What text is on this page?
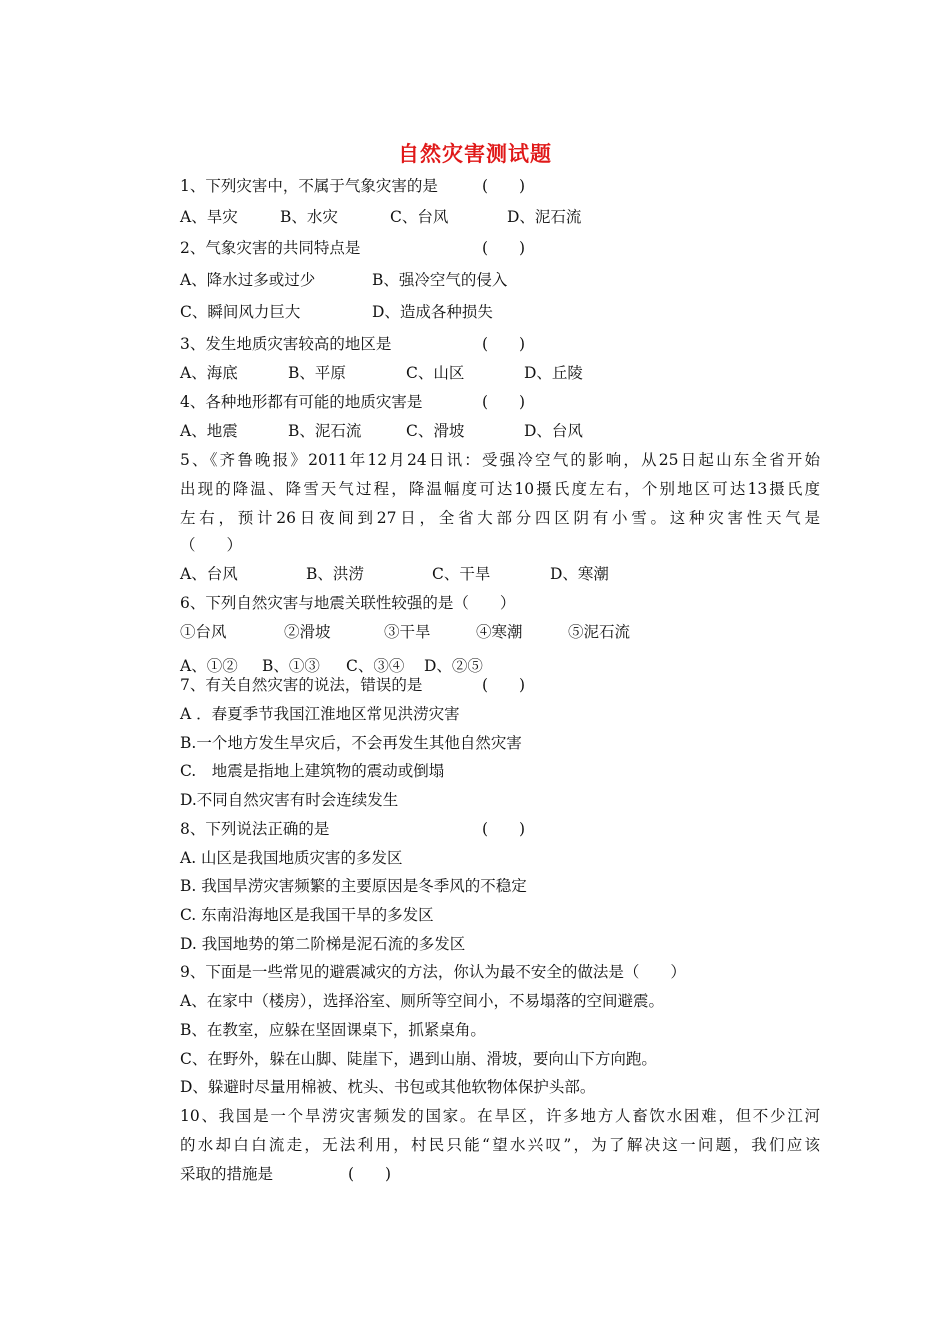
自然灾害测试题
1、下列灾害中，不属于气象灾害的是	(　　)
A、旱灾	B、水灾	C、台风	D、泥石流
2、气象灾害的共同特点是	(　　)
A、降水过多或过少	B、强冷空气的侵入
C、瞬间风力巨大	D、造成各种损失
3、发生地质灾害较高的地区是	(　　)
A、海底	B、平原	C、山区	D、丘陵
4、各种地形都有可能的地质灾害是	(　　)
A、地震	B、泥石流	C、滑坡	D、台风
5、《齐鲁晚报》2011年12月24日讯：受强冷空气的影响，从25日起山东全省开始
出现的降温、降雪天气过程，降温幅度可达10摄氏度左右，个别地区可达13摄氏度
左右，预计26日夜间到27日，全省大部分四区阴有小雪。这种灾害性天气是
（　　）
A、台风	B、洪涝	C、干旱	D、寒潮
6、下列自然灾害与地震关联性较强的是（　　）
①台风	②滑坡	③干旱	④寒潮	⑤泥石流
A、①② B、①③ C、③④ D、②⑤
7、有关自然灾害的说法，错误的是	(　　)
A ．春夏季节我国江淮地区常见洪涝灾害
B.一个地方发生旱灾后，不会再发生其他自然灾害
C.　地震是指地上建筑物的震动或倒塌
D.不同自然灾害有时会连续发生
8、下列说法正确的是	(　　)
A. 山区是我国地质灾害的多发区
B. 我国旱涝灾害频繁的主要原因是冬季风的不稳定
C. 东南沿海地区是我国干旱的多发区
D. 我国地势的第二阶梯是泥石流的多发区
9、下面是一些常见的避震减灾的方法，你认为最不安全的做法是（　　）
A、在家中（楼房），选择浴室、厕所等空间小，不易塌落的空间避震。
B、在教室，应躲在坚固课桌下，抓紧桌角。
C、在野外，躲在山脚、陡崖下，遇到山崩、滑坡，要向山下方向跑。
D、躲避时尽量用棉被、枕头、书包或其他软物体保护头部。
10、我国是一个旱涝灾害频发的国家。在旱区，许多地方人畜饮水困难，但不少江河
的水却白白流走，无法利用，村民只能“望水兴叹”，为了解决这一问题，我们应该
采取的措施是	(　　)
